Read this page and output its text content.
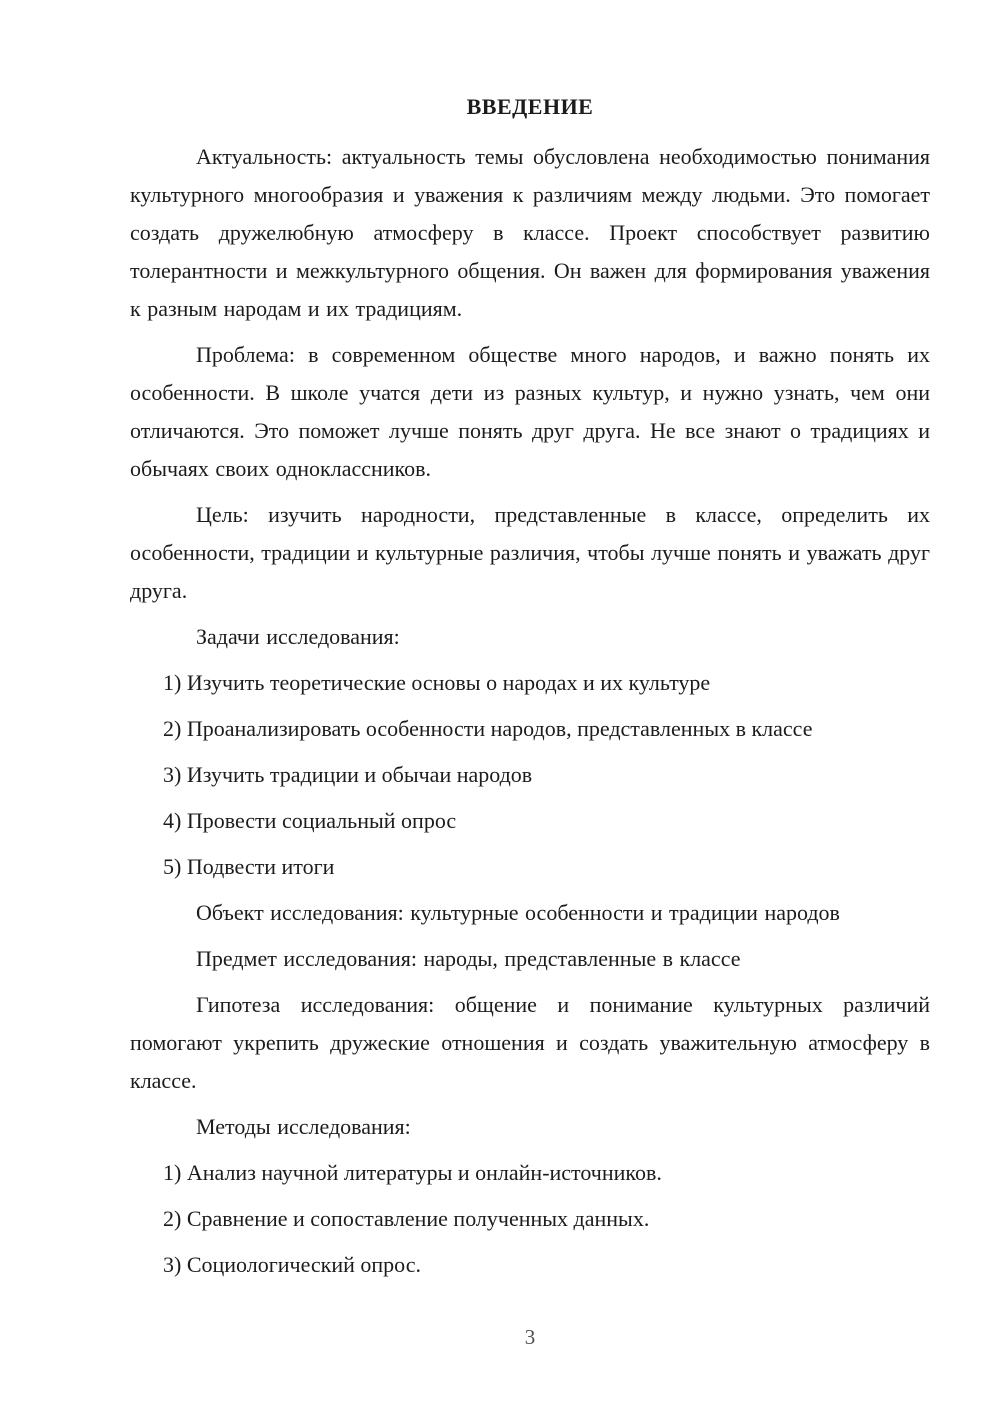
ВВЕДЕНИЕ

Актуальность: актуальность темы обусловлена необходимостью понимания культурного многообразия и уважения к различиям между людьми. Это помогает создать дружелюбную атмосферу в классе. Проект способствует развитию толерантности и межкультурного общения. Он важен для формирования уважения к разным народам и их традициям.

Проблема: в современном обществе много народов, и важно понять их особенности. В школе учатся дети из разных культур, и нужно узнать, чем они отличаются. Это поможет лучше понять друг друга. Не все знают о традициях и обычаях своих одноклассников.

Цель: изучить народности, представленные в классе, определить их особенности, традиции и культурные различия, чтобы лучше понять и уважать друг друга.

Задачи исследования:

1) Изучить теоретические основы о народах и их культуре

2) Проанализировать особенности народов, представленных в классе

3) Изучить традиции и обычаи народов

4) Провести социальный опрос

5) Подвести итоги

Объект исследования: культурные особенности и традиции народов

Предмет исследования: народы, представленные в классе

Гипотеза исследования: общение и понимание культурных различий помогают укрепить дружеские отношения и создать уважительную атмосферу в классе.

Методы исследования:

1) Анализ научной литературы и онлайн-источников.

2) Сравнение и сопоставление полученных данных.

3) Социологический опрос.

3
